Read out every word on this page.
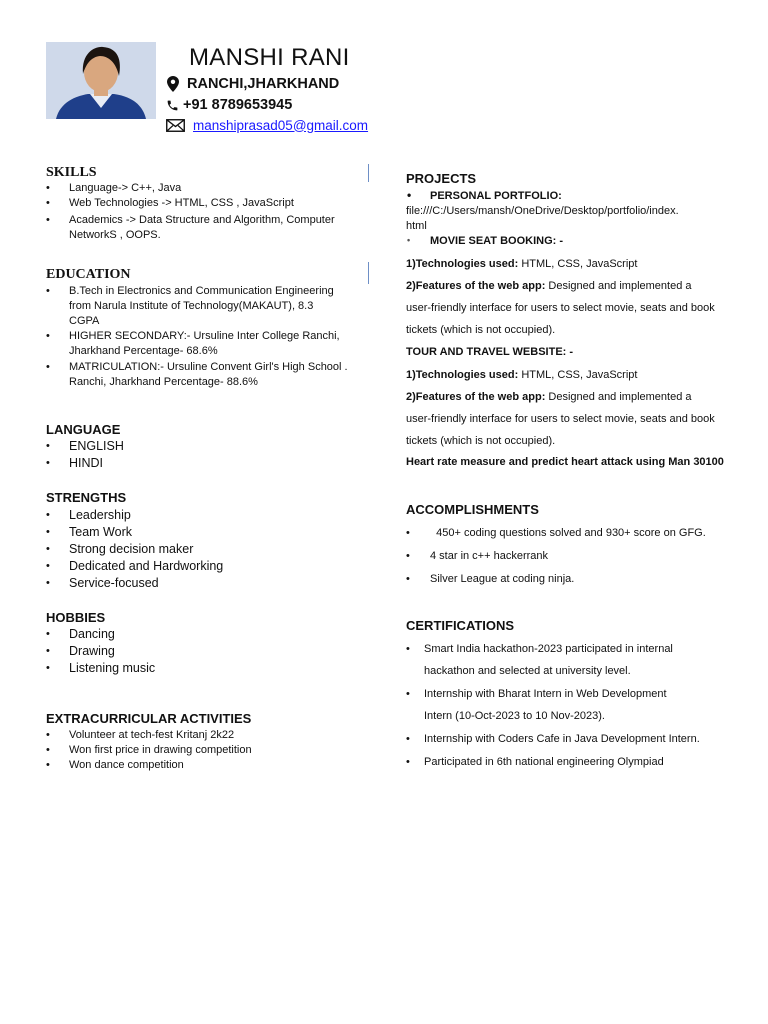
MANSHI RANI
RANCHI,JHARKHAND
+91 8789653945
manshiprasad05@gmail.com
SKILLS
• Language-> C++, Java
• Web Technologies -> HTML, CSS , JavaScript
• Academics -> Data Structure and Algorithm, Computer
NetworkS , OOPS.
EDUCATION
• B.Tech in Electronics and Communication Engineering
from Narula Institute of Technology(MAKAUT), 8.3
CGPA
• HIGHER SECONDARY:- Ursuline Inter College Ranchi,
Jharkhand Percentage- 68.6%
• MATRICULATION:- Ursuline Convent Girl's High School .
Ranchi, Jharkhand Percentage- 88.6%
LANGUAGE
• ENGLISH
• HINDI
STRENGTHS
• Leadership
• Team Work
• Strong decision maker
• Dedicated and Hardworking
• Service-focused
HOBBIES
• Dancing
• Drawing
• Listening music
EXTRACURRICULAR ACTIVITIES
• Volunteer at tech-fest Kritanj 2k22
• Won first price in drawing competition
• Won dance competition
PROJECTS
• PERSONAL PORTFOLIO:
file:///C:/Users/mansh/OneDrive/Desktop/portfolio/index.
html
• MOVIE SEAT BOOKING: -

1)Technologies used: HTML, CSS, JavaScript

2)Features of the web app: Designed and implemented a

user-friendly interface for users to select movie, seats and book

tickets (which is not occupied).

TOUR AND TRAVEL WEBSITE: -

1)Technologies used: HTML, CSS, JavaScript

2)Features of the web app: Designed and implemented a

user-friendly interface for users to select movie, seats and book

tickets (which is not occupied).

Heart rate measure and predict heart attack using Man 30100
ACCOMPLISHMENTS
•   450+ coding questions solved and 930+ score on GFG.
• 4 star in c++ hackerrank
• Silver League at coding ninja.
CERTIFICATIONS
• Smart India hackathon-2023 participated in internal
hackathon and selected at university level.
• Internship with Bharat Intern in Web Development
Intern (10-Oct-2023 to 10 Nov-2023).
• Internship with Coders Cafe in Java Development Intern.
• Participated in 6th national engineering Olympiad
